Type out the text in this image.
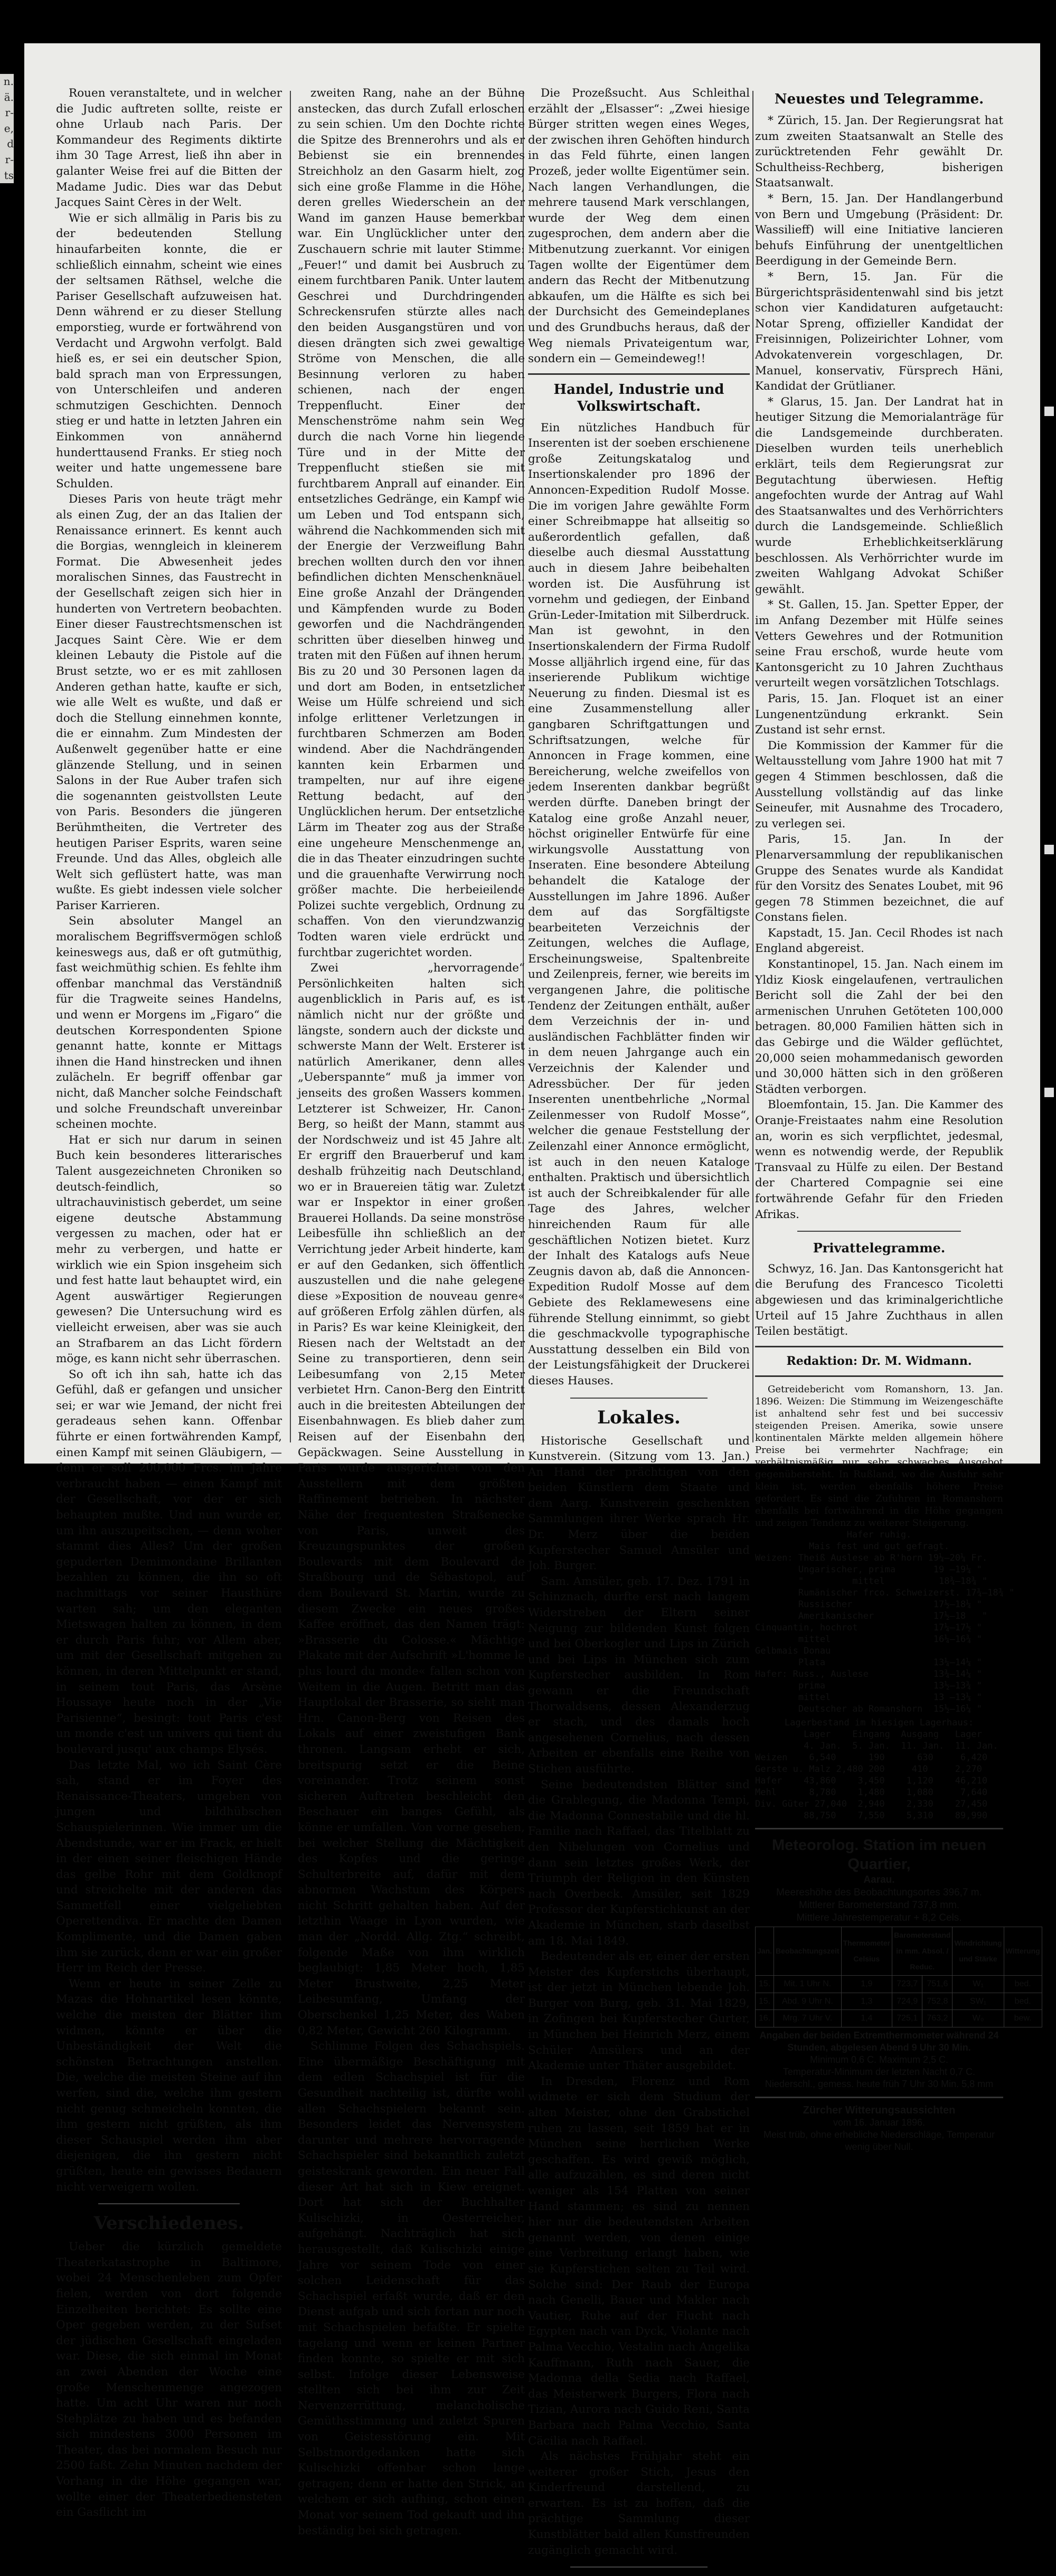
n.
ä.
r-
e,
d
r-
ts

Rouen veranstaltete, und in welcher die Judic auftreten sollte, reiste er ohne Urlaub nach Paris. Der Kommandeur des Regiments diktirte ihm 30 Tage Arrest, ließ ihn aber in galanter Weise frei auf die Bitten der Madame Judic. Dies war das Debut Jacques Saint Cères in der Welt.

Wie er sich allmälig in Paris bis zu der bedeutenden Stellung hinaufarbeiten konnte, die er schließlich einnahm, scheint wie eines der seltsamen Räthsel, welche die Pariser Gesellschaft aufzuweisen hat. Denn während er zu dieser Stellung emporstieg, wurde er fortwährend von Verdacht und Argwohn verfolgt. Bald hieß es, er sei ein deutscher Spion, bald sprach man von Erpressungen, von Unterschleifen und anderen schmutzigen Geschichten. Dennoch stieg er und hatte in letzten Jahren ein Einkommen von annähernd hunderttausend Franks. Er stieg noch weiter und hatte ungemessene bare Schulden.

Dieses Paris von heute trägt mehr als einen Zug, der an das Italien der Renaissance erinnert. Es kennt auch die Borgias, wenngleich in kleinerem Format. Die Abwesenheit jedes moralischen Sinnes, das Faustrecht in der Gesellschaft zeigen sich hier in hunderten von Vertretern beobachten. Einer dieser Faustrechtsmenschen ist Jacques Saint Cère. Wie er dem kleinen Lebauty die Pistole auf die Brust setzte, wo er es mit zahllosen Anderen gethan hatte, kaufte er sich, wie alle Welt es wußte, und daß er doch die Stellung einnehmen konnte, die er einnahm. Zum Mindesten der Außenwelt gegenüber hatte er eine glänzende Stellung, und in seinen Salons in der Rue Auber trafen sich die sogenannten geistvollsten Leute von Paris. Besonders die jüngeren Berühmtheiten, die Vertreter des heutigen Pariser Esprits, waren seine Freunde. Und das Alles, obgleich alle Welt sich geflüstert hatte, was man wußte. Es giebt indessen viele solcher Pariser Karrieren.

Sein absoluter Mangel an moralischem Begriffsvermögen schloß keineswegs aus, daß er oft gutmüthig, fast weichmüthig schien. Es fehlte ihm offenbar manchmal das Verständniß für die Tragweite seines Handelns, und wenn er Morgens im „Figaro“ die deutschen Korrespondenten Spione genannt hatte, konnte er Mittags ihnen die Hand hinstrecken und ihnen zulächeln. Er begriff offenbar gar nicht, daß Mancher solche Feindschaft und solche Freundschaft unvereinbar scheinen mochte.

Hat er sich nur darum in seinen Buch kein besonderes litterarisches Talent ausgezeichneten Chroniken so deutsch-feindlich, so ultrachauvinistisch geberdet, um seine eigene deutsche Abstammung vergessen zu machen, oder hat er mehr zu verbergen, und hatte er wirklich wie ein Spion insgeheim sich und fest hatte laut behauptet wird, ein Agent auswärtiger Regierungen gewesen? Die Untersuchung wird es vielleicht erweisen, aber was sie auch an Strafbarem an das Licht fördern möge, es kann nicht sehr überraschen.

So oft ich ihn sah, hatte ich das Gefühl, daß er gefangen und unsicher sei; er war wie Jemand, der nicht frei geradeaus sehen kann. Offenbar führte er einen fortwährenden Kampf, einen Kampf mit seinen Gläubigern, — denn er soll 200,000 Frcs. im Jahre verbraucht haben — einen Kampf mit der Gesellschaft, vor der er sich behaupten mußte. Und nun wurde er, um ihn auszupeitschen, — denn woher stammt dies Alles? Um der großen gepuderten Demimondaine Brillanten bezahlen zu können, die ihn so oft nachmittags vor seiner Hausthüre warten sah; um den eleganten Mietswagen halten zu können, in dem er durch Paris fuhr; vor Allem aber, um mit der Gesellschaft mitgehen zu können, in deren Mittelpunkt er stand, in seinem tout Paris, das Arsène Houssaye heute noch in der „Vie Parisienne“, besingt: tout Paris c'est un monde c'est un univers qui tient du boulevard jusqu' aux champs Elysés.

Das letzte Mal, wo ich Saint Cère sah, stand er im Foyer des Renaissance-Theaters, umgeben von jungen und bildhübschen Schauspielerinnen. Wie immer um die Abendstunde, war er im Frack, er hielt in der einen seiner fleischigen Hände das gelbe Rohr mit dem Goldknopf und streichelte mit der anderen das Sammetfell einer vielgeliebten Operettendiva. Er machte den Damen Komplimente, und die Damen gaben ihm sie zurück, denn er war ein großer Herr im Reich der Presse.

Wenn er heute in seiner Zelle zu Mazas die Hohnartikel lesen könnte, welche die meisten der Blätter ihm widmen, könnte er über die Unbeständigkeit der Welt die schönsten Betrachtungen anstellen. Die, welche die meisten Steine auf ihn werfen, sind die, welche ihm gestern nicht genug schmeicheln konnten, die ihm gestern nicht grüßten, als ihm dieser Schauspiel werden ihm aber diejenigen, die ihn gestern nicht grüßten, heute ein gewisses Bedauern nicht verweigern wollen.

Verschiedenes.

Ueber die kürzlich gemeldete Theaterkatastrophe in Baltimore, wobei 24 Menschenleben zum Opfer fielen, werden von dort folgende Einzelheiten berichtet: Es sollte eine Oper gegeben werden, zu der Sufset der jüdischen Gesellschaft eingeladen war. Diese, die sich einmal im Monat an zwei Abenden der Woche eine große Menschenmenge angezogen hatte. Um acht Uhr waren nur noch Stehplätze zu haben und es befanden sich mindestens 3000 Personen im Theater, das bei normalem Besuch nur 2500 faßt. Zehn Minuten nachdem der Vorhang in die Höhe gegangen war, wollte einer der Theaterbediensteten ein Gasflicht im

zweiten Rang, nahe an der Bühne anstecken, das durch Zufall erloschen zu sein schien. Um den Dochte richte die Spitze des Brennerohrs und als er Bebienst sie ein brennendes Streichholz an den Gasarm hielt, zog sich eine große Flamme in die Höhe, deren grelles Wiederschein an der Wand im ganzen Hause bemerkbar war. Ein Unglücklicher unter den Zuschauern schrie mit lauter Stimme: „Feuer!“ und damit bei Ausbruch zu einem furchtbaren Panik. Unter lautem Geschrei und Durchdringenden Schreckensrufen stürzte alles nach den beiden Ausgangstüren und von diesen drängten sich zwei gewaltige Ströme von Menschen, die alle Besinnung verloren zu haben schienen, nach der engen Treppenflucht. Einer der Menschenströme nahm sein Weg durch die nach Vorne hin liegende Türe und in der Mitte der Treppenflucht stießen sie mit furchtbarem Anprall auf einander. Ein entsetzliches Gedränge, ein Kampf wie um Leben und Tod entspann sich, während die Nachkommenden sich mit der Energie der Verzweiflung Bahn brechen wollten durch den vor ihnen befindlichen dichten Menschenknäuel. Eine große Anzahl der Drängenden und Kämpfenden wurde zu Boden geworfen und die Nachdrängenden schritten über dieselben hinweg und traten mit den Füßen auf ihnen herum. Bis zu 20 und 30 Personen lagen da und dort am Boden, in entsetzlicher Weise um Hülfe schreiend und sich infolge erlittener Verletzungen in furchtbaren Schmerzen am Boden windend. Aber die Nachdrängenden kannten kein Erbarmen und trampelten, nur auf ihre eigene Rettung bedacht, auf den Unglücklichen herum. Der entsetzliche Lärm im Theater zog aus der Straße eine ungeheure Menschenmenge an, die in das Theater einzudringen suchte und die grauenhafte Verwirrung noch größer machte. Die herbeieilende Polizei suchte vergeblich, Ordnung zu schaffen. Von den vierundzwanzig Todten waren viele erdrückt und furchtbar zugerichtet worden.

Zwei „hervorragende“ Persönlichkeiten halten sich augenblicklich in Paris auf, es ist nämlich nicht nur der größte und längste, sondern auch der dickste und schwerste Mann der Welt. Ersterer ist natürlich Amerikaner, denn alles „Ueberspannte“ muß ja immer von jenseits des großen Wassers kommen. Letzterer ist Schweizer, Hr. Canon-Berg, so heißt der Mann, stammt aus der Nordschweiz und ist 45 Jahre alt. Er ergriff den Brauerberuf und kam deshalb frühzeitig nach Deutschland, wo er in Brauereien tätig war. Zuletzt war er Inspektor in einer großen Brauerei Hollands. Da seine monströse Leibesfülle ihn schließlich an der Verrichtung jeder Arbeit hinderte, kam er auf den Gedanken, sich öffentlich auszustellen und die nahe gelegene diese »Exposition de nouveau genre« auf größeren Erfolg zählen dürfen, als in Paris? Es war keine Kleinigkeit, den Riesen nach der Weltstadt an der Seine zu transportieren, denn sein Leibesumfang von 2,15 Meter verbietet Hrn. Canon-Berg den Eintritt auch in die breitesten Abteilungen der Eisenbahnwagen. Es blieb daher zum Reisen auf der Eisenbahn den Gepäckwagen. Seine Ausstellung in Paris wurde ausgerichtet von den Ausstellern mit dem größten Raffinement betrieben. In nächster Nähe der frequentesten Straßenecke von Paris, unweit des Kreuzungspunktes der großen Boulevards mit dem Boulevard de Straßbourg und de Sébastopol, auf dem Boulevard St. Martin, wurde zu diesem Zwecke ein neues großes Kaffee eröffnet, das den Namen trägt: »Brasserie du Colosse.« Mächtige Plakate mit der Aufschrift »L'homme le plus lourd du monde« fallen schon von Weitem in die Augen. Betritt man das Hauptlokal der Brasserie, so sieht man Hrn. Canon-Berg von Reisen des Lokals auf einer zweistufigen Bank thronen. Langsam erhebt er sich, breitspurig setzt er die Beine voreinander. Trotz seinem sonst sicheren Auftreten beschleicht den Beschauer ein banges Gefühl, als könne er umfallen. Von vorne gesehen, bei welcher Stellung die Mächtigkeit des Kopfes und die geringe Schulterbreite auf, dafür mit dem abnormen Wachstum des Körpers nicht Schritt gehalten haben. Auf der letzthin Waage in Lyon wurden, wie man der „Nordd. Allg. Ztg.“ schreibt, folgende Maße von ihm wirklich beglaubigt: 1,85 Meter hoch, 1,85 Meter Brustweite, 2,25 Meter Leibesumfang, Umfang der Oberschenkel 1,25 Meter, des Waben 0,82 Meter, Gewicht 260 Kilogramm.

Schlimme Folgen des Schachspiels. Eine übermäßige Beschäftigung mit dem edlen Schachspiel ist für die Gesundheit nachteilig ist, dürfte wohl allen Schachspielern bekannt sein. Besonders leidet das Nervensystem darunter und mehrere hervorragende Schachspieler sind bekanntlich zuletzt geisteskrank geworden. Ein neuer Fall dieser Art hat sich in Kiew ereignet. Dort hat sich der Buchhalter Kulischizki, in Oesterreicher, aufgehängt. Nachträglich hat sich herausgestellt, daß Kulischizki einige Jahre vor seinem Tode von einer solchen Leidenschaft für das Schachspiel erfaßt wurde, daß er den Dienst aufgab und sich fortan nur noch mit Schachspielen befaßte. Er spielte tagelang und wenn er keinen Partner finden konnte, so spielte er mit sich selbst. Infolge dieser Lebensweise stellten sich bei ihm zur Zeit Nervenzerrüttung, melancholische Gemüthsstimmung und zuletzt Spuren von Geistesstörung ein. Mit Selbstmordgedanken hatte sich Kulischizki offenbar schon lange getragen; denn er hatte den Strick, an welchem er sich aufhing, schon einen Monat vor seinem Tod gekauft und ihn beständig bei sich getragen.

Die Prozeßsucht. Aus Schleithal erzählt der „Elsasser“: „Zwei hiesige Bürger stritten wegen eines Weges, der zwischen ihren Gehöften hindurch in das Feld führte, einen langen Prozeß, jeder wollte Eigentümer sein. Nach langen Verhandlungen, die mehrere tausend Mark verschlangen, wurde der Weg dem einen zugesprochen, dem andern aber die Mitbenutzung zuerkannt. Vor einigen Tagen wollte der Eigentümer dem andern das Recht der Mitbenutzung abkaufen, um die Hälfte es sich bei der Durchsicht des Gemeindeplanes und des Grundbuchs heraus, daß der Weg niemals Privateigentum war, sondern ein — Gemeindeweg!!

Handel, Industrie und Volkswirtschaft.

Ein nützliches Handbuch für Inserenten ist der soeben erschienene große Zeitungskatalog und Insertionskalender pro 1896 der Annoncen-Expedition Rudolf Mosse. Die im vorigen Jahre gewählte Form einer Schreibmappe hat allseitig so außerordentlich gefallen, daß dieselbe auch diesmal Ausstattung auch in diesem Jahre beibehalten worden ist. Die Ausführung ist vornehm und gediegen, der Einband Grün-Leder-Imitation mit Silberdruck. Man ist gewohnt, in den Insertionskalendern der Firma Rudolf Mosse alljährlich irgend eine, für das inserierende Publikum wichtige Neuerung zu finden. Diesmal ist es eine Zusammenstellung aller gangbaren Schriftgattungen und Schriftsatzungen, welche für Annoncen in Frage kommen, eine Bereicherung, welche zweifellos von jedem Inserenten dankbar begrüßt werden dürfte. Daneben bringt der Katalog eine große Anzahl neuer, höchst origineller Entwürfe für eine wirkungsvolle Ausstattung von Inseraten. Eine besondere Abteilung behandelt die Kataloge der Ausstellungen im Jahre 1896. Außer dem auf das Sorgfältigste bearbeiteten Verzeichnis der Zeitungen, welches die Auflage, Erscheinungsweise, Spaltenbreite und Zeilenpreis, ferner, wie bereits im vergangenen Jahre, die politische Tendenz der Zeitungen enthält, außer dem Verzeichnis der in- und ausländischen Fachblätter finden wir in dem neuen Jahrgange auch ein Verzeichnis der Kalender und Adressbücher. Der für jeden Inserenten unentbehrliche „Normal Zeilenmesser von Rudolf Mosse“, welcher die genaue Feststellung der Zeilenzahl einer Annonce ermöglicht, ist auch in den neuen Kataloge enthalten. Praktisch und übersichtlich ist auch der Schreibkalender für alle Tage des Jahres, welcher hinreichenden Raum für alle geschäftlichen Notizen bietet. Kurz der Inhalt des Katalogs aufs Neue Zeugnis davon ab, daß die Annoncen-Expedition Rudolf Mosse auf dem Gebiete des Reklamewesens eine führende Stellung einnimmt, so giebt die geschmackvolle typographische Ausstattung desselben ein Bild von der Leistungsfähigkeit der Druckerei dieses Hauses.

Lokales.

Historische Gesellschaft und Kunstverein. (Sitzung vom 13. Jan.) An Hand der prächtigen von den beiden Künstlern dem Staate und dem Aarg. Kunstverein geschenkten Sammlungen ihrer Werke sprach Hr. Dr. Merz über die beiden Kupferstecher Samuel Amsüler und Joh. Burger.

Sam. Amsüler, geb. 17. Dez. 1791 in Schinznach, durfte erst nach langem Widerstreben der Eltern seiner Neigung zur bildenden Kunst folgen und bei Oberkogler und Lips in Zürich und bei Lips in München sich zum Kupferstecher ausbilden. In Rom gewann er die Freundschaft Thorwaldsens, dessen Alexanderzug er stach, und des damals hoch angesehenen Cornelius, nach dessen Arbeiten er ebenfalls eine Reihe von Stichen ausführte.

Seine bedeutendsten Blätter sind die Grablegung, die Madonna Tempi, die Madonna Connestabile und die hl. Familie nach Raffael, das Titelblatt zu den Nibelungen von Cornelius und dann sein letztes großes Werk, der Triumph der Religion in den Künsten nach Overbeck. Amsüler, seit 1829 Professor der Kupferstichkunst an der Akademie in München, starb daselbst am 18. Mai 1849.

Bedeutender als er, einer der ersten Meister des Kupferstichs überhaupt, ist der jetzt in München lebende Joh. Burger von Burg, geb. 31. Mai 1829, in Zofingen bei Kupferstecher Gurter, in München bei Heinrich Merz, einem Schüler Amsülers und an der Akademie unter Thäter ausgebildet.

In Dresden, Florenz und Rom widmete er sich dem Studium der alten Meister, ohne den Grabstichel ruhen zu lassen, seit 1859 hat er in München seine herrlichen Werke geschaffen. Es wird gewiß möglich, alle aufzuzählen, es sind deren nicht weniger als 154 Platten von seiner Hand stammen; es sind zu nennen hier nur die bedeutendsten Arbeiten genannt werden, von denen einige eine Verbreitung erlangt haben, wie sie Kupferstichen selten zu Teil wird. Solche sind: Der Raub der Europa nach Genelli, Bauer und Makler nach Vautier, Ruhe auf der Flucht nach Egypten nach van Dyck, Violante nach Palma Vecchio, Vestalin nach Angelika Kauffmann, Ruth nach Sauer, die Madonna della Sedia nach Raffael, das Meisterwerk Burgers, Flora nach Tizian, Aurora nach Guido Reni, Santa Barbara nach Palma Vecchio, Santa Cäcilia nach Raffael.

Als nächstes Frühjahr steht ein weiterer großer Stich, Jesus den Kinderfreund darstellend, zu erwarten. Es ist zu hoffen, daß die prächtige Sammlung dieser Kunstblätter bald allen Kunstfreunden zugänglich gemacht wird.

Neuestes und Telegramme.

* Zürich, 15. Jan. Der Regierungsrat hat zum zweiten Staatsanwalt an Stelle des zurücktretenden Fehr gewählt Dr. Schultheiss-Rechberg, bisherigen Staatsanwalt.

* Bern, 15. Jan. Der Handlangerbund von Bern und Umgebung (Präsident: Dr. Wassilieff) will eine Initiative lancieren behufs Einführung der unentgeltlichen Beerdigung in der Gemeinde Bern.

* Bern, 15. Jan. Für die Bürgerichtspräsidentenwahl sind bis jetzt schon vier Kandidaturen aufgetaucht: Notar Spreng, offizieller Kandidat der Freisinnigen, Polizeirichter Lohner, vom Advokatenverein vorgeschlagen, Dr. Manuel, konservativ, Fürsprech Häni, Kandidat der Grütlianer.

* Glarus, 15. Jan. Der Landrat hat in heutiger Sitzung die Memorialanträge für die Landsgemeinde durchberaten. Dieselben wurden teils unerheblich erklärt, teils dem Regierungsrat zur Begutachtung überwiesen. Heftig angefochten wurde der Antrag auf Wahl des Staatsanwaltes und des Verhörrichters durch die Landsgemeinde. Schließlich wurde Erheblichkeitserklärung beschlossen. Als Verhörrichter wurde im zweiten Wahlgang Advokat Schißer gewählt.

* St. Gallen, 15. Jan. Spetter Epper, der im Anfang Dezember mit Hülfe seines Vetters Gewehres und der Rotmunition seine Frau erschoß, wurde heute vom Kantonsgericht zu 10 Jahren Zuchthaus verurteilt wegen vorsätzlichen Totschlags.

Paris, 15. Jan. Floquet ist an einer Lungenentzündung erkrankt. Sein Zustand ist sehr ernst.

Die Kommission der Kammer für die Weltausstellung vom Jahre 1900 hat mit 7 gegen 4 Stimmen beschlossen, daß die Ausstellung vollständig auf das linke Seineufer, mit Ausnahme des Trocadero, zu verlegen sei.

Paris, 15. Jan. In der Plenarversammlung der republikanischen Gruppe des Senates wurde als Kandidat für den Vorsitz des Senates Loubet, mit 96 gegen 78 Stimmen bezeichnet, die auf Constans fielen.

Kapstadt, 15. Jan. Cecil Rhodes ist nach England abgereist.

Konstantinopel, 15. Jan. Nach einem im Yldiz Kiosk eingelaufenen, vertraulichen Bericht soll die Zahl der bei den armenischen Unruhen Getöteten 100,000 betragen. 80,000 Familien hätten sich in das Gebirge und die Wälder geflüchtet, 20,000 seien mohammedanisch geworden und 30,000 hätten sich in den größeren Städten verborgen.

Bloemfontain, 15. Jan. Die Kammer des Oranje-Freistaates nahm eine Resolution an, worin es sich verpflichtet, jedesmal, wenn es notwendig werde, der Republik Transvaal zu Hülfe zu eilen. Der Bestand der Chartered Compagnie sei eine fortwährende Gefahr für den Frieden Afrikas.

Privattelegramme.

Schwyz, 16. Jan. Das Kantonsgericht hat die Berufung des Francesco Ticoletti abgewiesen und das kriminalgerichtliche Urteil auf 15 Jahre Zuchthaus in allen Teilen bestätigt.

Redaktion: Dr. M. Widmann.

Getreidebericht vom Romanshorn, 13. Jan. 1896. Weizen: Die Stimmung im Weizengeschäfte ist anhaltend sehr fest und bei successiv steigenden Preisen. Amerika, sowie unsere kontinentalen Märkte melden allgemein höhere Preise bei vermehrter Nachfrage; ein verhältnismäßig nur sehr schwaches Ausgebot gegenübersteht. In Rußland, wo die Ausfuhr sehr klein ist, werden ebenfalls höhere Preise gefordert. Es sind die Zufuhren in Romanshorn ebenfalls bei fortwährend in die Höhe gegangen und zeigen Tendenz zu weiterer Steigerung.

Hafer ruhig.
Mais fest und gut gefragt.
Weizen: Theiß Auslese ab R'horn 19¼–20¼ Fr.
Ungarischer, prima       19 –19¼ "
"         mittel          18¾–18¾ "
Rumänischer frco. Schweizerst. 17¾–18¾ "
Russischer               17½–18¼ "
Amerikanischer           17½–18   "
Cinquantin, hochrot              17¼–17½ "
mittel                   16¼–16¾ "
Gelbmais Donau
Plata                    13¼–14¼ "
Hafer: Russ., Auslese            13¾–14¼ "
prima                    13½–13¾ "
mittel                   13 –13¼ "
Deutscher ab Romanshorn  15½–16¼ "
Lagerbestand im hiesigen Lagerhaus:
Lager    Eingang  Ausgang   Lager
4. Jan.  5. Jan.  11. Jan.  11. Jan.
Weizen    6,540      190      630     6,420
Gerste u. Malz 2,480 200     410     2,270
Hafer    43,860    3,450    1,120    46,210
Mehl      8,780    1,480    1,080     7,640
Div. Güter 27,040  2,940    2,330    27,450
88,750    7,550    5,310    89,990
Meteorolog. Station im neuen Quartier,
Aarau.
Meereshöhe des Beobachtungsortes 396,7 m.
Mittlerer Barometerstand 737,8 mm.
Mittlere Jahrestemperatur + 8,2 Cels.
Jan.	Beobachtungszeit	Thermometer Celsius	Barometerstand in mm. Absol. / Reduc.		Windrichtung und Stärke	Witterung
15.	Mit. 1 Uhr N.	1,9	723,7	751,6	W₁	bed.
15.	Abd. 9 Uhr N.	1,3	724,9	752,8	SW₁	bed.
16.	Mrg. 7 Uhr V.	1,4	725,1	763,2	W₀	bew.
Angaben der beiden Extremthermometer während 24 Stunden, abgelesen Abend 9 Uhr 30 Min.
Minimum 0,6 C. Maximum 2,5 C.
Temperatur-Minimum der letzten Nacht 0,7 C.
Niederschl., gemess. heute früh 7 Uhr 30 Min. 5,8 mm
Zürcher Witterungsaussichten
vom 16. Januar 1896.
Meist trüb, ohne erhebliche Niederschläge, Temperatur wenig über Null.
